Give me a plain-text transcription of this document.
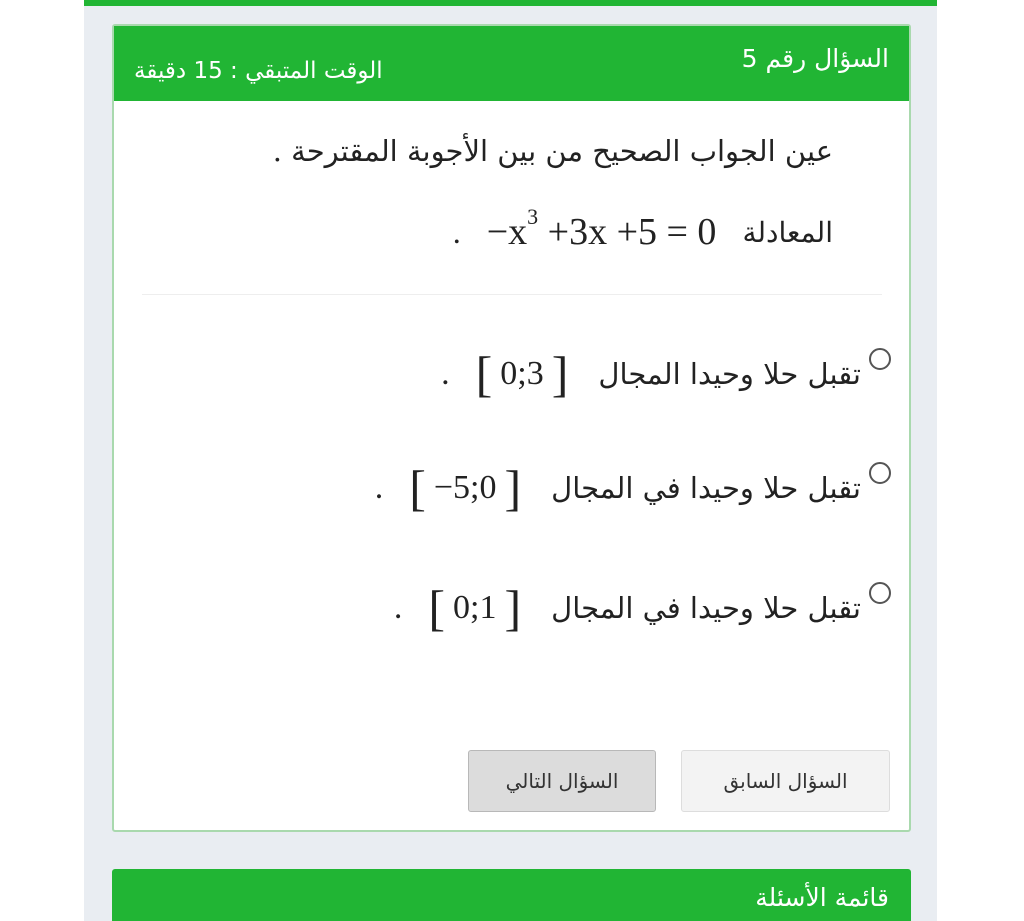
السؤال رقم 5
الوقت المتبقي : 15 دقيقة
عين الجواب الصحيح من بين الأجوبة المقترحة .
المعادلة
$-x^3 +3x +5 = 0$
.
تقبل حلا وحيدا المجال
. [ 0;3 ]
تقبل حلا وحيدا في المجال
. [ −5;0 ]
تقبل حلا وحيدا في المجال
. [ 0;1 ]
السؤال السابق
السؤال التالي
قائمة الأسئلة
